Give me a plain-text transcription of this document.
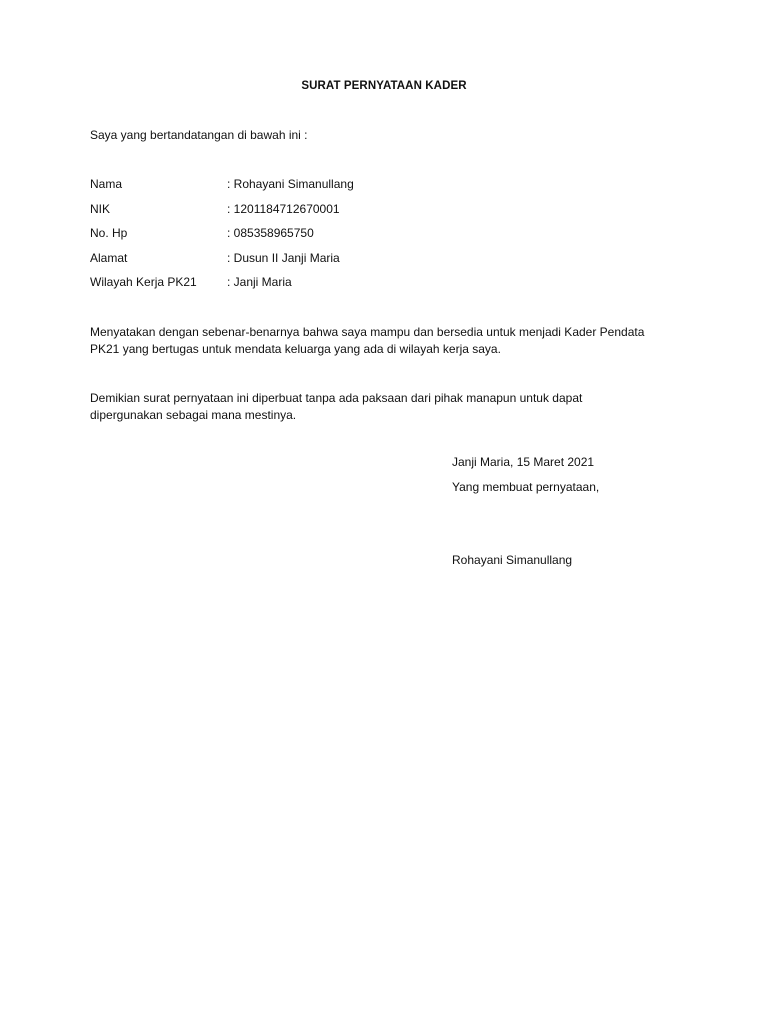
SURAT PERNYATAAN KADER
Saya yang bertandatangan di bawah ini :
Nama	: Rohayani Simanullang
NIK	: 1201184712670001
No. Hp	: 085358965750
Alamat	: Dusun II Janji Maria
Wilayah Kerja PK21	: Janji Maria
Menyatakan dengan sebenar-benarnya bahwa saya mampu dan bersedia untuk menjadi Kader Pendata
PK21 yang bertugas untuk mendata keluarga yang ada di wilayah kerja saya.
Demikian surat pernyataan ini diperbuat tanpa ada paksaan dari pihak manapun untuk dapat
dipergunakan sebagai mana mestinya.
Janji Maria, 15 Maret 2021
Yang membuat pernyataan,
Rohayani Simanullang
